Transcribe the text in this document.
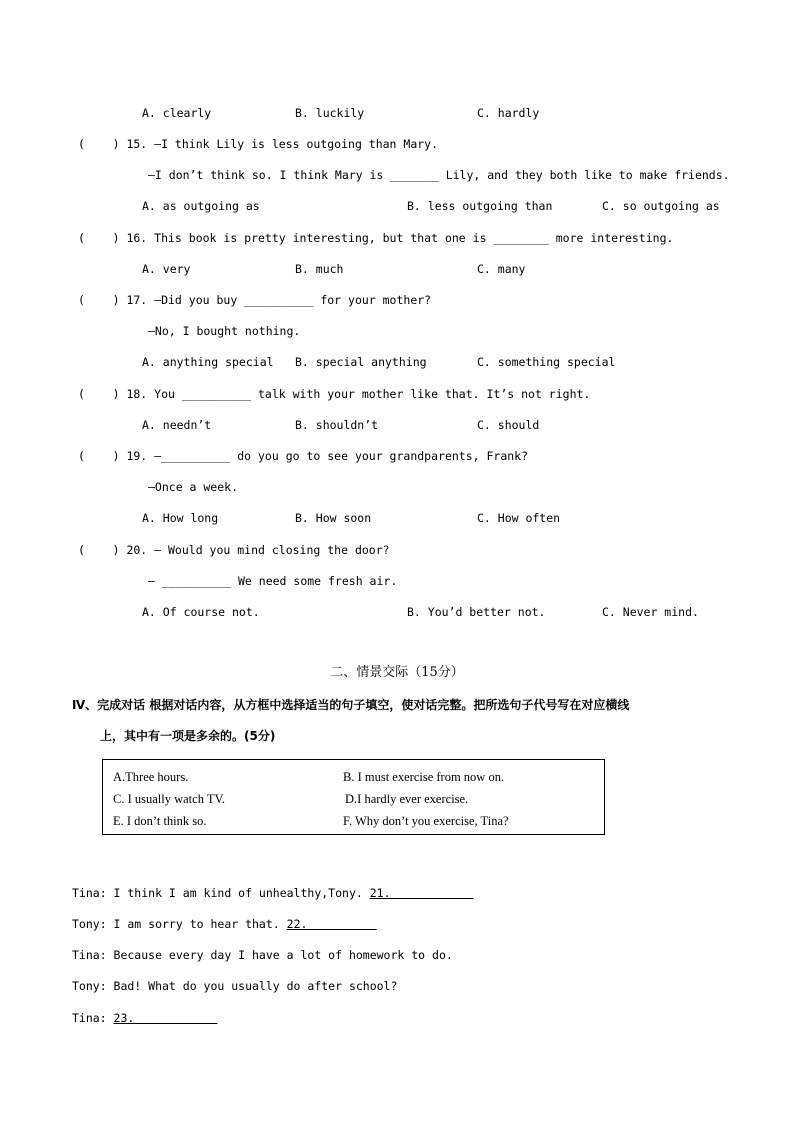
A. clearly	B. luckily	C. hardly
(    ) 15. —I think Lily is less outgoing than Mary.
—I don’t think so. I think Mary is _______ Lily, and they both like to make friends.
A. as outgoing as	B. less outgoing than	C. so outgoing as
(    ) 16. This book is pretty interesting, but that one is ________ more interesting.
A. very	B. much	C. many
(    ) 17. —Did you buy __________ for your mother?
—No, I bought nothing.
A. anything special B. special anything	C. something special
(    ) 18. You __________ talk with your mother like that. It’s not right.
A. needn’t	B. shouldn’t	C. should
(    ) 19. —__________ do you go to see your grandparents, Frank?
—Once a week.
A. How long	B. How soon	C. How often
(    ) 20. — Would you mind closing the door?
— __________ We need some fresh air.
A. Of course not.	B. You’d better not.	C. Never mind.
二、情景交际（15分）
Ⅳ、完成对话 根据对话内容，从方框中选择适当的句子填空，使对话完整。把所选句子代号写在对应横线
上，其中有一项是多余的。(5分)
A.Three hours.	B. I must exercise from now on.
C. I usually watch TV.	D.I hardly ever exercise.
E. I don’t think so.	F. Why don’t you exercise, Tina?
Tina: I think I am kind of unhealthy,Tony. 21.
Tony: I am sorry to hear that. 22.
Tina: Because every day I have a lot of homework to do.
Tony: Bad! What do you usually do after school?
Tina: 23.
